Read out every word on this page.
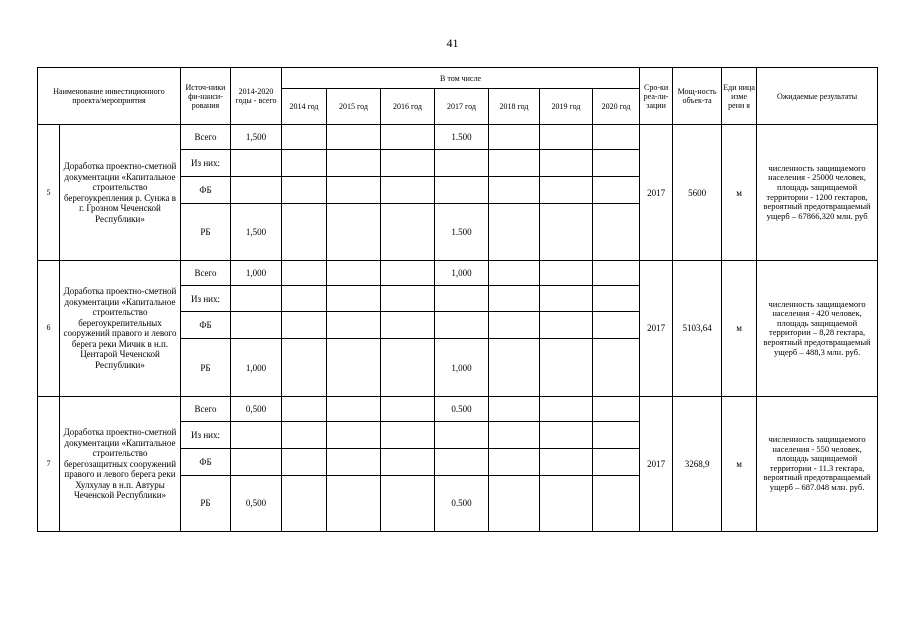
41
Наименование инвестиционного проекта/мероприятия		Источ-ники фи-нанси-рования	2014-2020 годы - всего	В том числе							Сро-ки реа-ли-зации	Мощ-ность объек-та	Еди ница изме рени я	Ожидаемые результаты
				2014 год	2015 год	2016 год	2017 год	2018 год	2019 год	2020 год				
5	Доработка проектно-сметной документации «Капитальное строительство берегоукрепления р. Сунжа в г. Грозном Чеченской Республики»	Всего	1,500				1.500				2017	5600	м	численность защищаемого населения - 25000 человек, площадь защищаемой территории - 1200 гектаров, вероятный предотвращаемый ущерб – 67866,320 млн. руб
		Из них:												
		ФБ												
		РБ	1,500				1.500							
6	Доработка проектно-сметной документации «Капитальное строительство берегоукрепительных сооружений правого и левого берега реки Мичик в н.п. Центарой Чеченской Республики»	Всего	1,000				1,000				2017	5103,64	м	численность защищаемого населения - 420 человек, площадь защищаемой территории – 8,28 гектара, вероятный предотвращаемый ущерб – 488,3 млн. руб.
		Из них:												
		ФБ												
		РБ	1,000				1,000							
7	Доработка проектно-сметной документации «Капитальное строительство берегозащитных сооружений правого и левого берега реки Хулхулау в н.п. Автуры Чеченской Республики»	Всего	0,500				0.500				2017	3268,9	м	численность защищаемого населения - 550 человек, площадь защищаемой территории - 11.3 гектара, вероятный предотвращаемый ущерб – 687.048 млн. руб.
		Из них:												
		ФБ												
		РБ	0,500				0.500							
